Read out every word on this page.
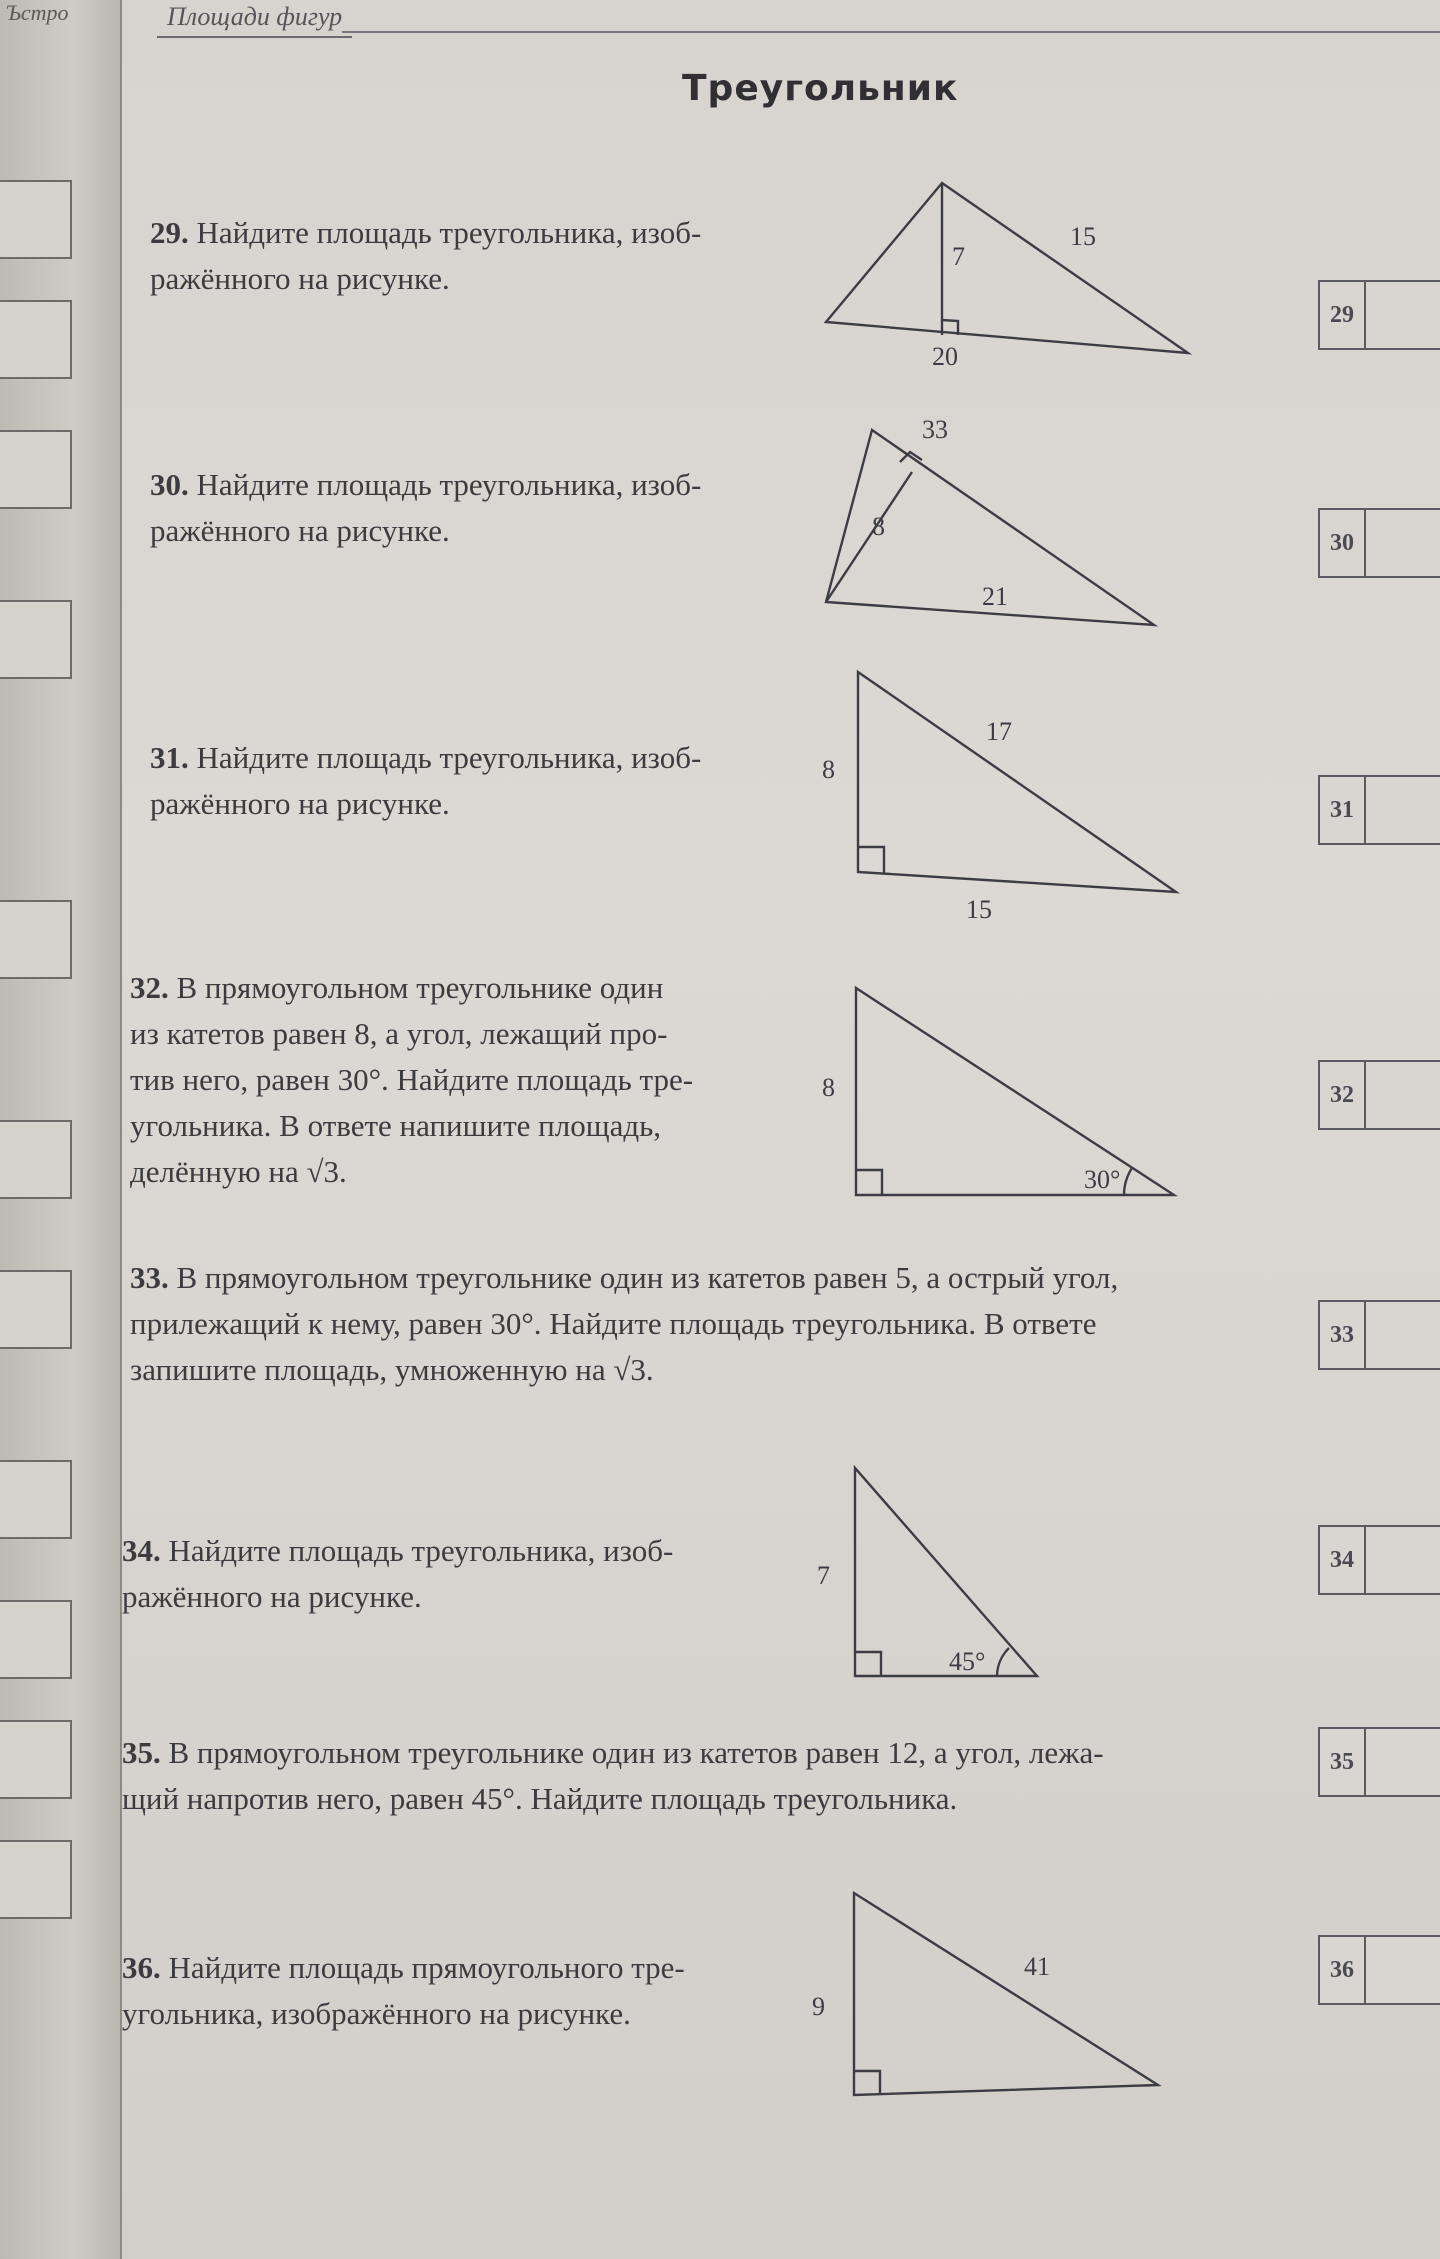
Ъстро	Площади фигур
Треугольник
29. Найдите площадь треугольника, изоб-
ражённого на рисунке.
7
15
20
30. Найдите площадь треугольника, изоб-
ражённого на рисунке.
33
8
21
31. Найдите площадь треугольника, изоб-
ражённого на рисунке.
8
17
15
32. В прямоугольном треугольнике один
из катетов равен 8, а угол, лежащий про-
тив него, равен 30°. Найдите площадь тре-
угольника. В ответе напишите площадь,
делённую на √3.
8
30°
33. В прямоугольном треугольнике один из катетов равен 5, а острый угол,
прилежащий к нему, равен 30°. Найдите площадь треугольника. В ответе
запишите площадь, умноженную на √3.
34. Найдите площадь треугольника, изоб-
ражённого на рисунке.
7
45°
35. В прямоугольном треугольнике один из катетов равен 12, а угол, лежа-
щий напротив него, равен 45°. Найдите площадь треугольника.
36. Найдите площадь прямоугольного тре-
угольника, изображённого на рисунке.	9
41
29
30
31
32
33
34
35
36
